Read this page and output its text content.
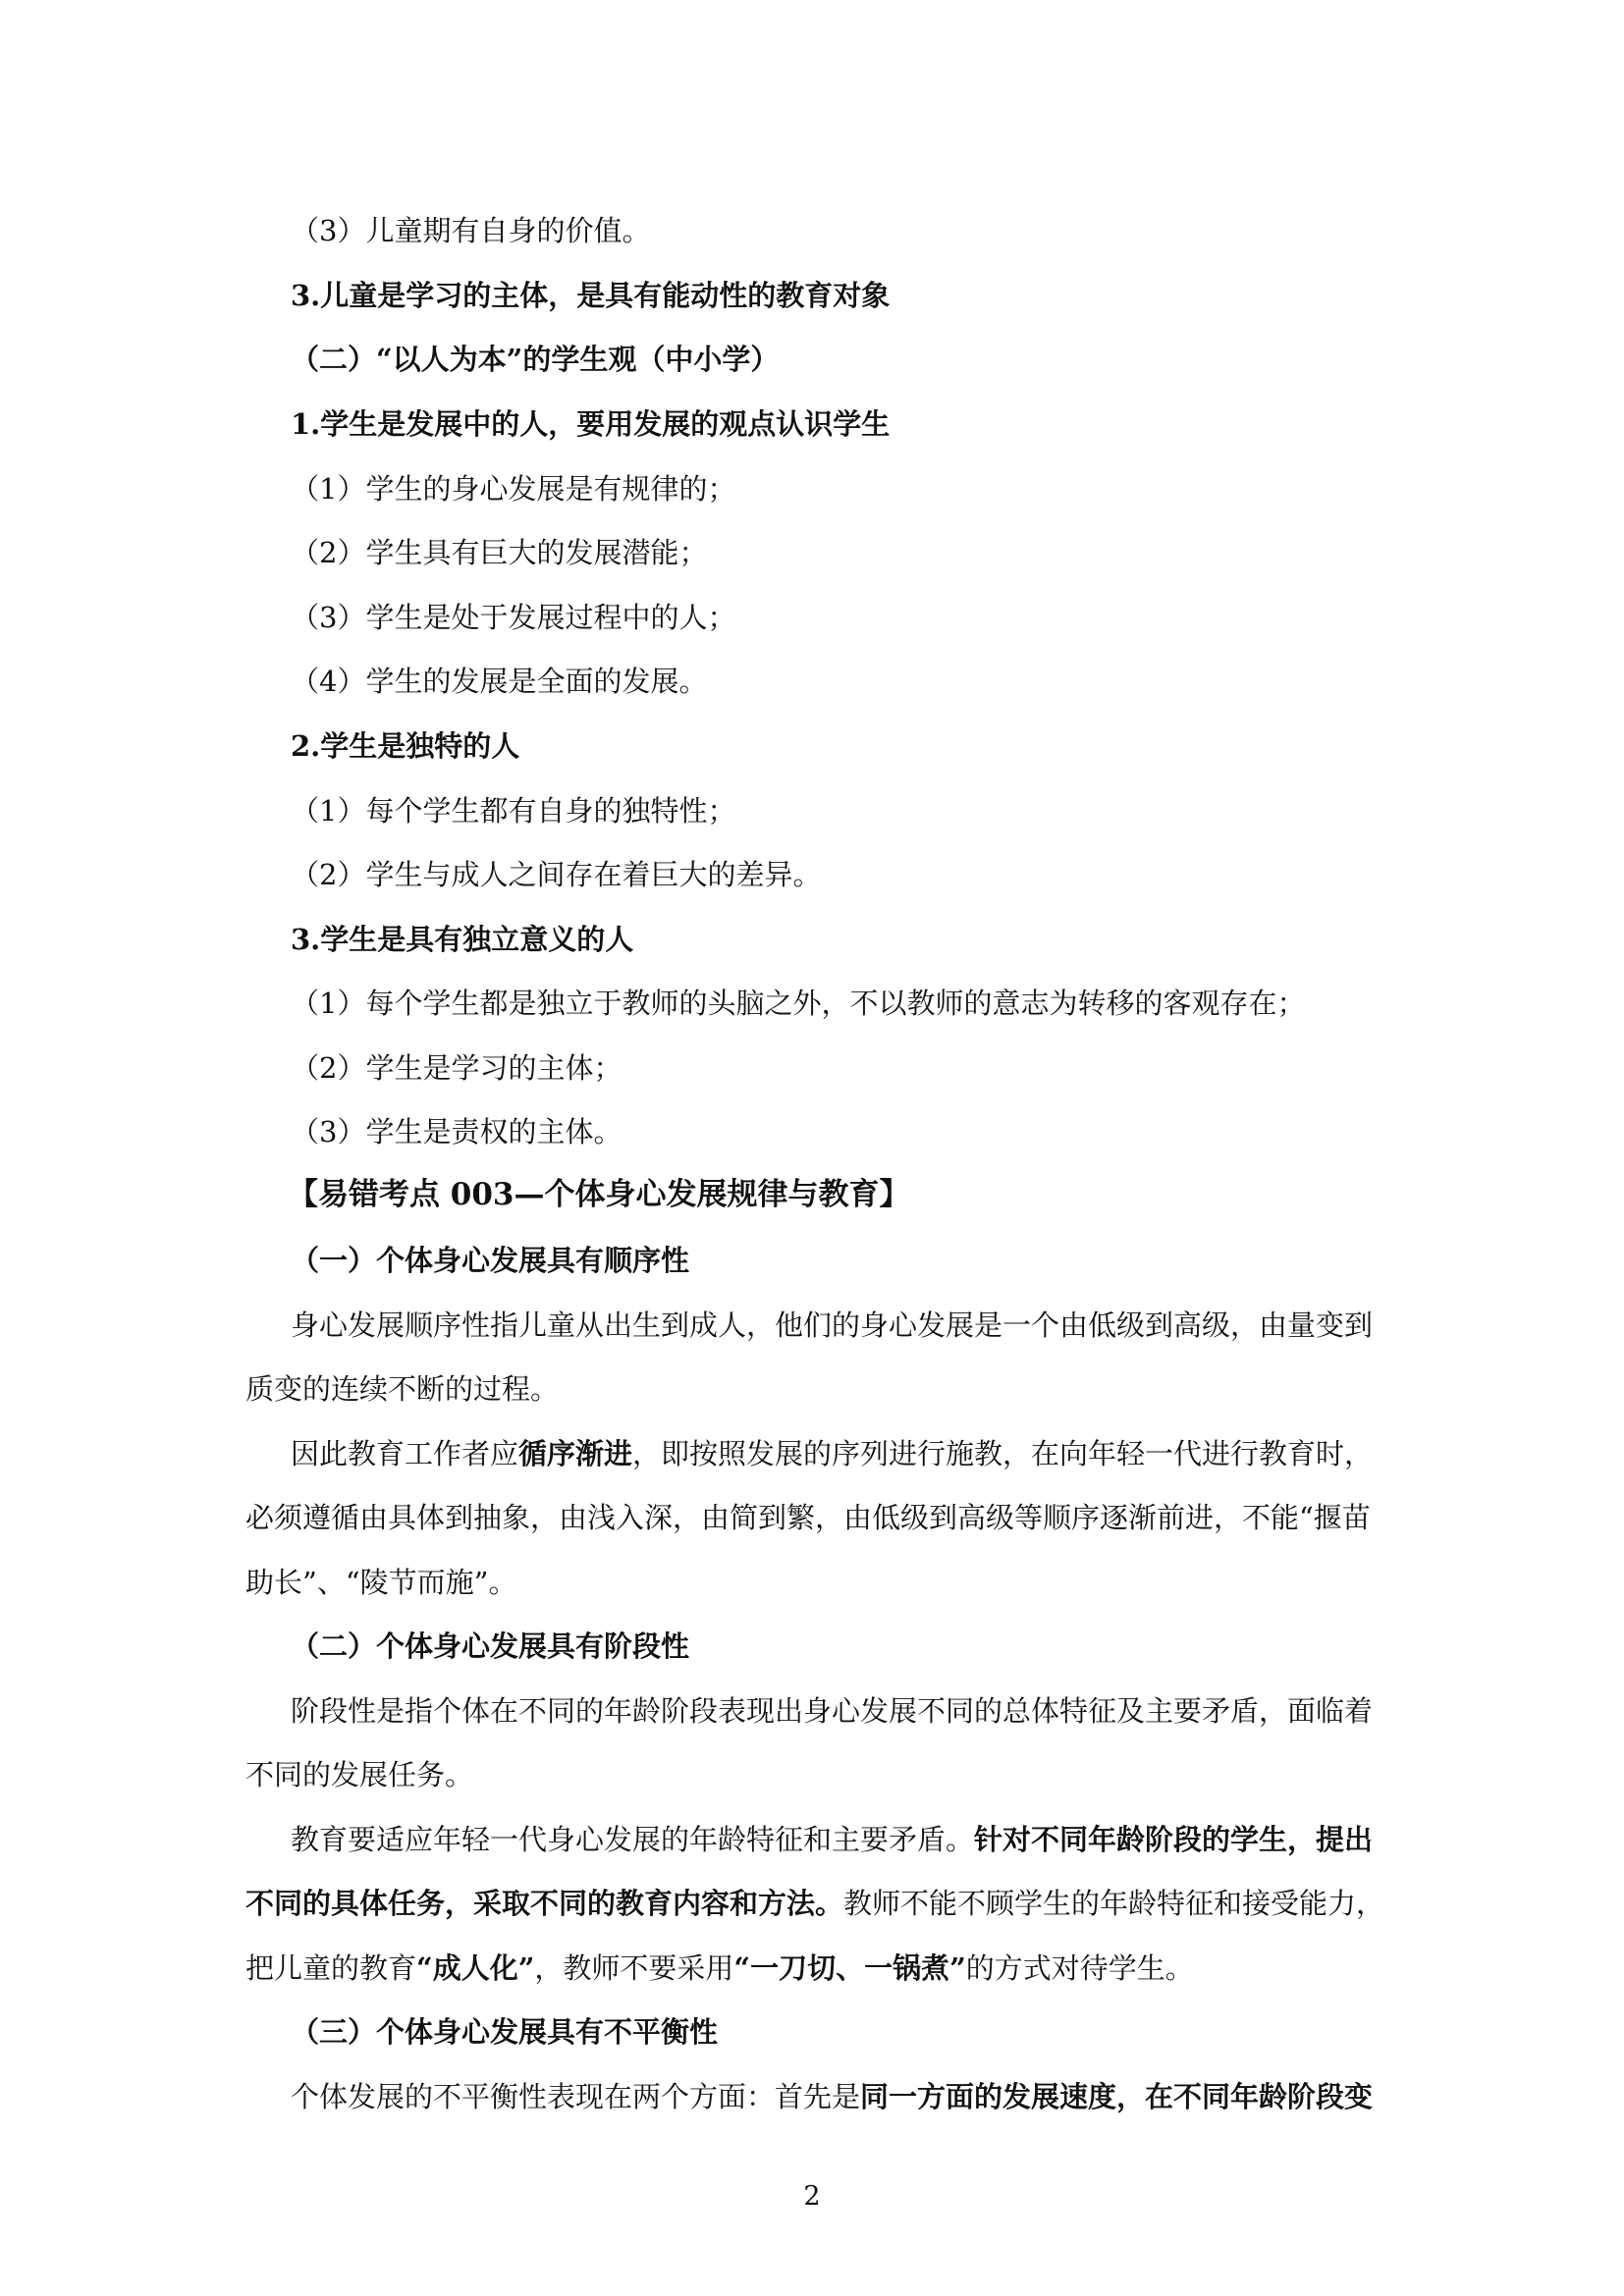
（3）儿童期有自身的价值。

3.儿童是学习的主体，是具有能动性的教育对象

（二）“以人为本”的学生观（中小学）

1.学生是发展中的人，要用发展的观点认识学生

（1）学生的身心发展是有规律的；

（2）学生具有巨大的发展潜能；

（3）学生是处于发展过程中的人；

（4）学生的发展是全面的发展。

2.学生是独特的人

（1）每个学生都有自身的独特性；

（2）学生与成人之间存在着巨大的差异。

3.学生是具有独立意义的人

（1）每个学生都是独立于教师的头脑之外，不以教师的意志为转移的客观存在；

（2）学生是学习的主体；

（3）学生是责权的主体。

【易错考点 003—个体身心发展规律与教育】

（一）个体身心发展具有顺序性

身心发展顺序性指儿童从出生到成人，他们的身心发展是一个由低级到高级，由量变到

质变的连续不断的过程。

因此教育工作者应循序渐进，即按照发展的序列进行施教，在向年轻一代进行教育时，

必须遵循由具体到抽象，由浅入深，由简到繁，由低级到高级等顺序逐渐前进，不能“揠苗

助长”、“陵节而施”。

（二）个体身心发展具有阶段性

阶段性是指个体在不同的年龄阶段表现出身心发展不同的总体特征及主要矛盾，面临着

不同的发展任务。

教育要适应年轻一代身心发展的年龄特征和主要矛盾。针对不同年龄阶段的学生，提出

不同的具体任务，采取不同的教育内容和方法。教师不能不顾学生的年龄特征和接受能力，

把儿童的教育“成人化”，教师不要采用“一刀切、一锅煮”的方式对待学生。

（三）个体身心发展具有不平衡性

个体发展的不平衡性表现在两个方面：首先是同一方面的发展速度，在不同年龄阶段变

2
